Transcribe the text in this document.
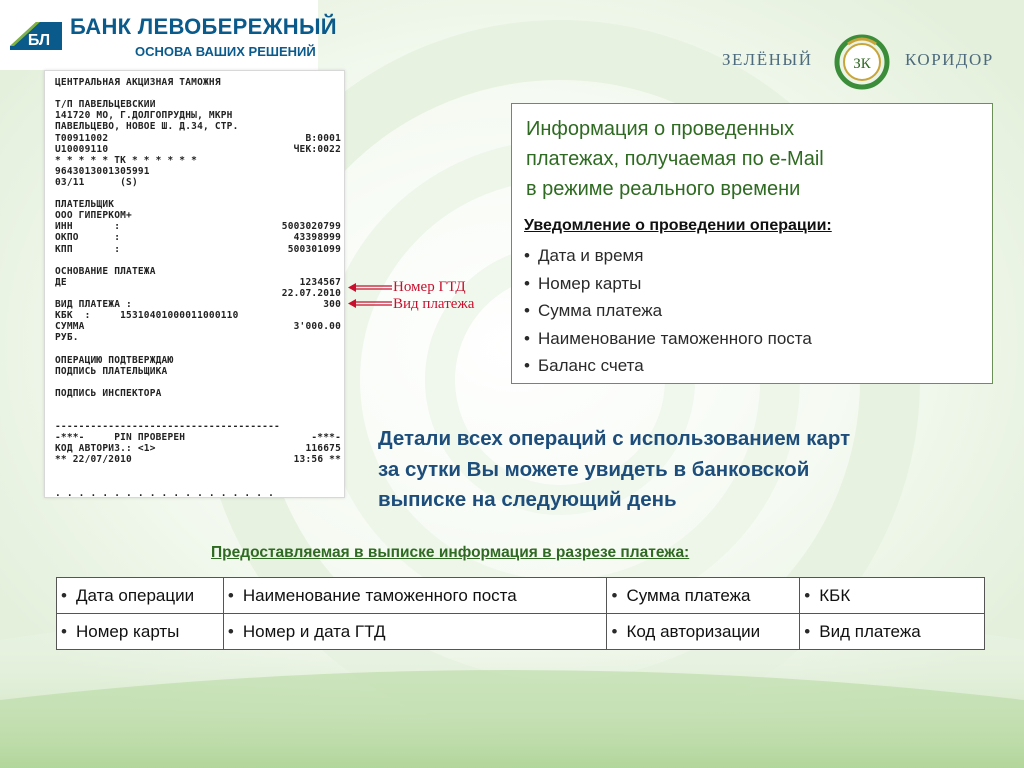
БЛ
БАНК ЛЕВОБЕРЕЖНЫЙ
ОСНОВА ВАШИХ РЕШЕНИЙ	ЗЕЛЁНЫЙ	ЗК КОРИДОР
ЦЕНТРАЛЬНАЯ АКЦИЗНАЯ ТАМОЖНЯ
Т/П ПАВЕЛЬЦЕВСКИЙ
141720 МО, Г.ДОЛГОПРУДНЫ, МКРН
ПАВЕЛЬЦЕВО, НОВОЕ Ш. Д.34, СТР.
Т00911002	В:0001
U10009110	ЧЕК:0022
* * * * * ТК * * * * * *
9643013001305991
03/11      (S)
ПЛАТЕЛЬЩИК
ООО ГИПЕРКОМ+
ИНН       :	5003020799
ОКПО      :	43398999
КПП       :	500301099
ОСНОВАНИЕ ПЛАТЕЖА
ДЕ	1234567
22.07.2010
ВИД ПЛАТЕЖА :	300
КБК  :     15310401000011000110
СУММА	3'000.00
РУБ.
ОПЕРАЦИЮ ПОДТВЕРЖДАЮ
ПОДПИСЬ ПЛАТЕЛЬЩИКА
ПОДПИСЬ ИНСПЕКТОРА
--------------------------------------
-***-     PIN ПРОВЕРЕН	-***-
КОД АВТОРИЗ.: <1>	116675
** 22/07/2010	13:56 **
. . . . . . . . . . . . . . . . . . .
Номер ГТД
Вид платежа
Информация о проведенных
платежах, получаемая по e-Mail
в режиме реального времени
Уведомление о проведении операции:
• Дата и время
• Номер карты
• Сумма платежа
• Наименование таможенного поста
• Баланс счета
Детали всех операций с использованием карт
за сутки Вы можете увидеть в банковской
выписке на следующий день
Предоставляемая в выписке информация в разрезе платежа:
• Дата операции	• Наименование таможенного поста	• Сумма платежа	• КБК
• Номер карты	• Номер и дата ГТД	• Код авторизации	• Вид платежа
